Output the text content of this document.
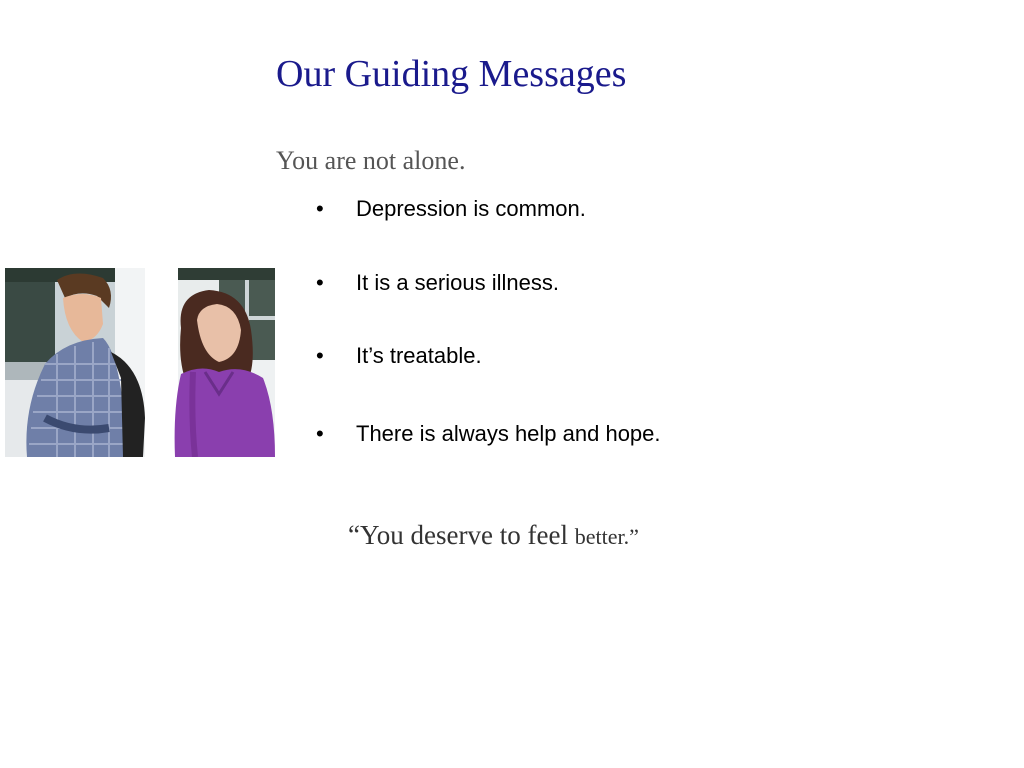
Our Guiding Messages
You are not alone.
• Depression is common.
• It is a serious illness.
• It’s treatable.
• There is always help and hope.
“You deserve to feel better.”
